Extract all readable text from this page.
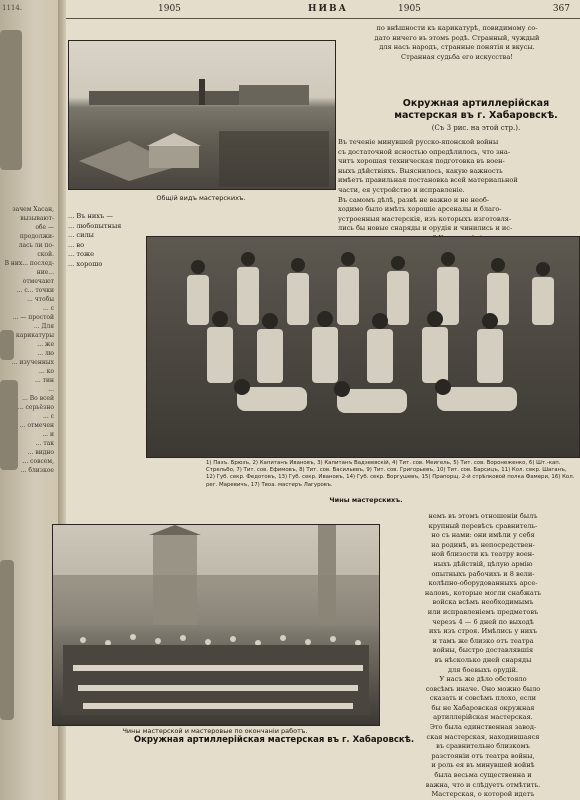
1114.
зачем Хасан, вызывают-
обе — продолжи-
лась ли по-
ской.
В них... послед-
ние... отмечают
... с... точки
... чтобы
... с
... — простой
... Для карикатуры
... же
... лю
... изученных
... ко
... тин
...
... Во всей
... серьёзно
... с
... отмечен
... и
... так
... видно
... совсем,
... близкое
1905	НИВА	1905	367
Общій видъ мастерскихъ.
по внѣшности къ карикатурѣ, повидимому со-
дато ничего въ этомъ родѣ. Странный, чуждый
для насъ народъ, странные понятія и вкусы.
Странная судьба его искусства!
Окружная артиллерійская мастерская въ г. Хабаровскѣ.
(Съ 3 рис. на этой стр.).
Въ теченіе минувшей русско-японской войны
съ достаточной ясностью опредѣлилось, что зна-
читъ хорошая техническая подготовка въ воен-
ныхъ дѣйствіяхъ. Выяснилось, какую важность
имѣетъ правильная постановка всей материальной
части, ея устройство и исправленіе.
Въ самомъ дѣлѣ, развѣ не важно и не необ-
ходимо было имѣть хорошіе арсеналы и благо-
устроенныя мастерскія, изъ которыхъ изготовля-
лись бы новые снаряды и орудія и чинились и ис-

... Въ нихъ —
... любопытныя
... силы
... во
... тоже
... хорошо
1) Пазъ. Брюзъ, 2) Капитанъ Ивановъ, 3) Капитанъ Вадзеевскій, 4) Тит. сов. Меигель, 5) Тит. сов. Воронеженко, 6) Шт.-кап. Стрельбо, 7) Тит. сов. Ефимовъ, 8) Тит. сов. Васильевъ, 9) Тит. сов. Григорьевъ, 10) Тит. сов. Барсицъ, 11) Кол. секр. Шаганъ, 12) Губ. секр. Федотовъ, 13) Губ. секр. Ивановъ, 14) Губ. секр. Воргушевъ, 15) Прапорщ. 2-й стрѣлковой полка Фамери, 16) Кол. рег. Маревичъ, 17) Твоа. мастеръ Лагуровъ.
Чины мастерскихъ.
Чины мастерской и мастеровые по окончаніи работъ.
Окружная артиллерійская мастерская въ г. Хабаровскѣ.
немъ въ этомъ отношеніи былъ
крупный перевѣсъ сравнитель-
но съ нами: они имѣли у себя
на родинѣ, въ непосредствен-
ной близости къ театру воен-
ныхъ дѣйствій, цѣлую армію
опытныхъ рабочихъ и 8 вели-
колѣпно-оборудованныхъ арсе-
наловъ, которые могли снабжать
войска всѣмъ необходимымъ
или исправленіемъ предметовъ
черезъ 4 — 6 дней по выходѣ
ихъ изъ строя. Имѣлись у нихъ
и тамъ же близко отъ театра
войны, быстро доставлявшія
въ нѣсколько дней снаряды
для боевыхъ орудій.
У насъ же дѣло обстояло
совсѣмъ иначе. Оно можно было
сказать и совсѣмъ плохо, если
бы не Хабаровская окружная
артиллерійская мастерская.
Это была единственная завод-
ская мастерская, находившаяся
въ сравнительно близкомъ
разстояніи отъ театра войны,
и роль ея въ минувшей войнѣ
была весьма существенна и
важна, что и слѣдуетъ отмѣтить.
Мастерская, о которой идетъ
